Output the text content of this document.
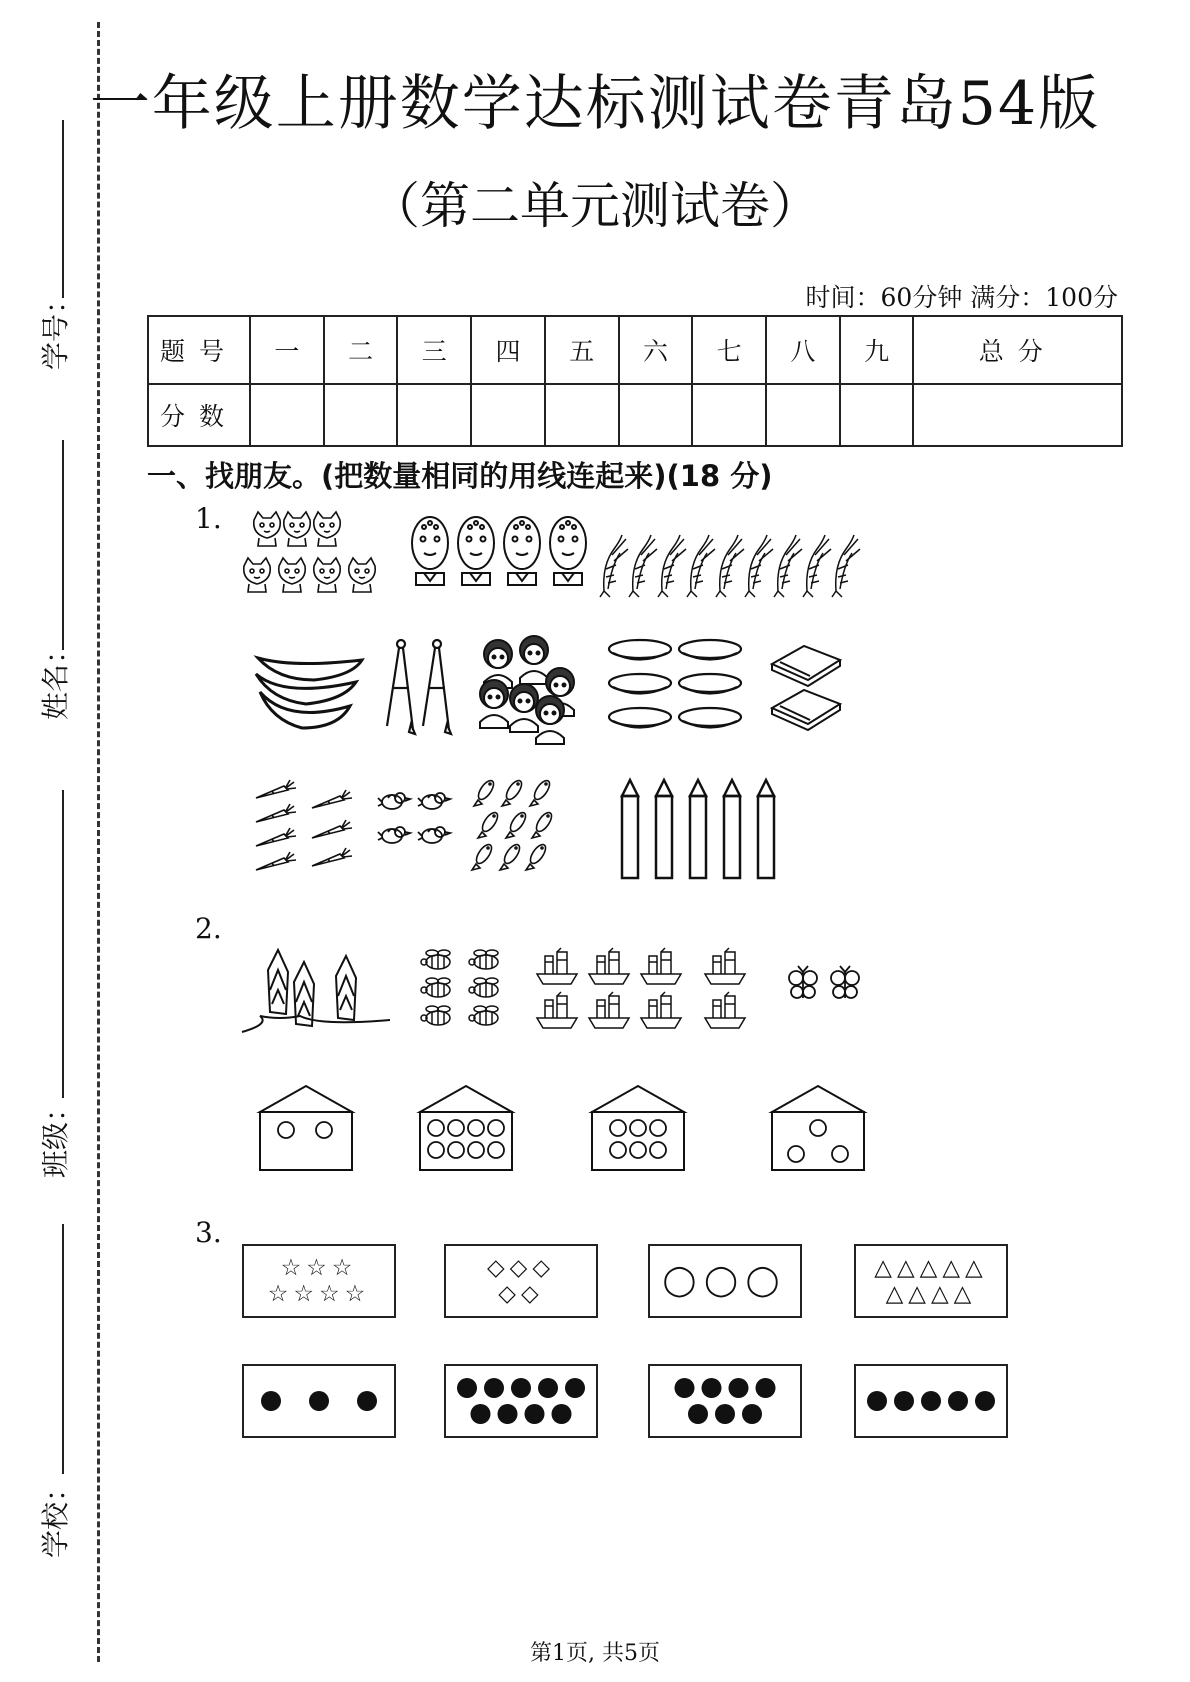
学号：
姓名：
班级：
学校：
一年级上册数学达标测试卷青岛54版
（第二单元测试卷）
时间：60分钟 满分：100分
题号	一	二	三	四	五	六	七	八	九	总分
分数										
一、找朋友。(把数量相同的用线连起来)(18 分)
1.
2.
3.
☆☆☆
☆☆☆☆
◇◇◇
◇◇	◯◯◯	△△△△△
△△△△
第1页, 共5页
